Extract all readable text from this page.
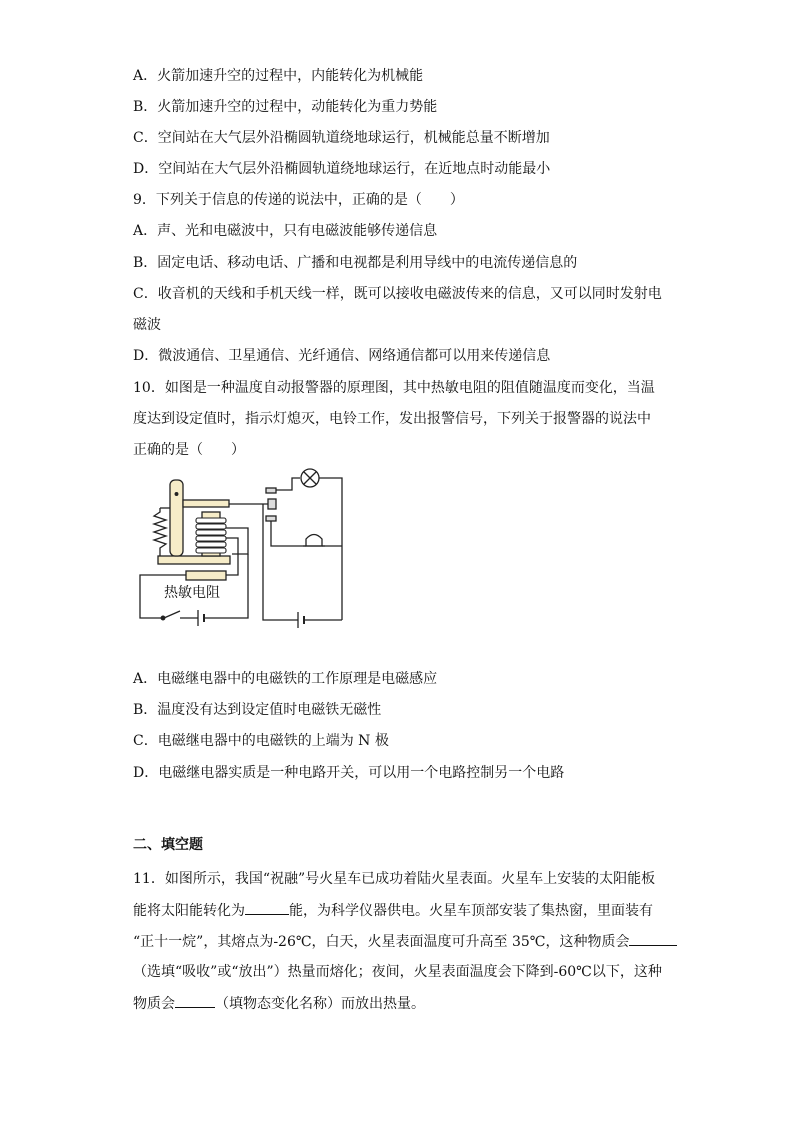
A．火箭加速升空的过程中，内能转化为机械能
B．火箭加速升空的过程中，动能转化为重力势能
C．空间站在大气层外沿椭圆轨道绕地球运行，机械能总量不断增加
D．空间站在大气层外沿椭圆轨道绕地球运行，在近地点时动能最小
9．下列关于信息的传递的说法中，正确的是（　　）
A．声、光和电磁波中，只有电磁波能够传递信息
B．固定电话、移动电话、广播和电视都是利用导线中的电流传递信息的
C．收音机的天线和手机天线一样，既可以接收电磁波传来的信息，又可以同时发射电
磁波
D．微波通信、卫星通信、光纤通信、网络通信都可以用来传递信息
10．如图是一种温度自动报警器的原理图，其中热敏电阻的阻值随温度而变化，当温
度达到设定值时，指示灯熄灭，电铃工作，发出报警信号，下列关于报警器的说法中
正确的是（　　）
热敏电阻
A．电磁继电器中的电磁铁的工作原理是电磁感应
B．温度没有达到设定值时电磁铁无磁性
C．电磁继电器中的电磁铁的上端为 N 极
D．电磁继电器实质是一种电路开关，可以用一个电路控制另一个电路
二、填空题
11．如图所示，我国“祝融”号火星车已成功着陆火星表面。火星车上安装的太阳能板
能将太阳能转化为	能，为科学仪器供电。火星车顶部安装了集热窗，里面装有
“正十一烷”，其熔点为-26℃，白天，火星表面温度可升高至 35℃，这种物质会
（选填“吸收”或“放出”）热量而熔化；夜间，火星表面温度会下降到-60℃以下，这种
物质会	（填物态变化名称）而放出热量。
